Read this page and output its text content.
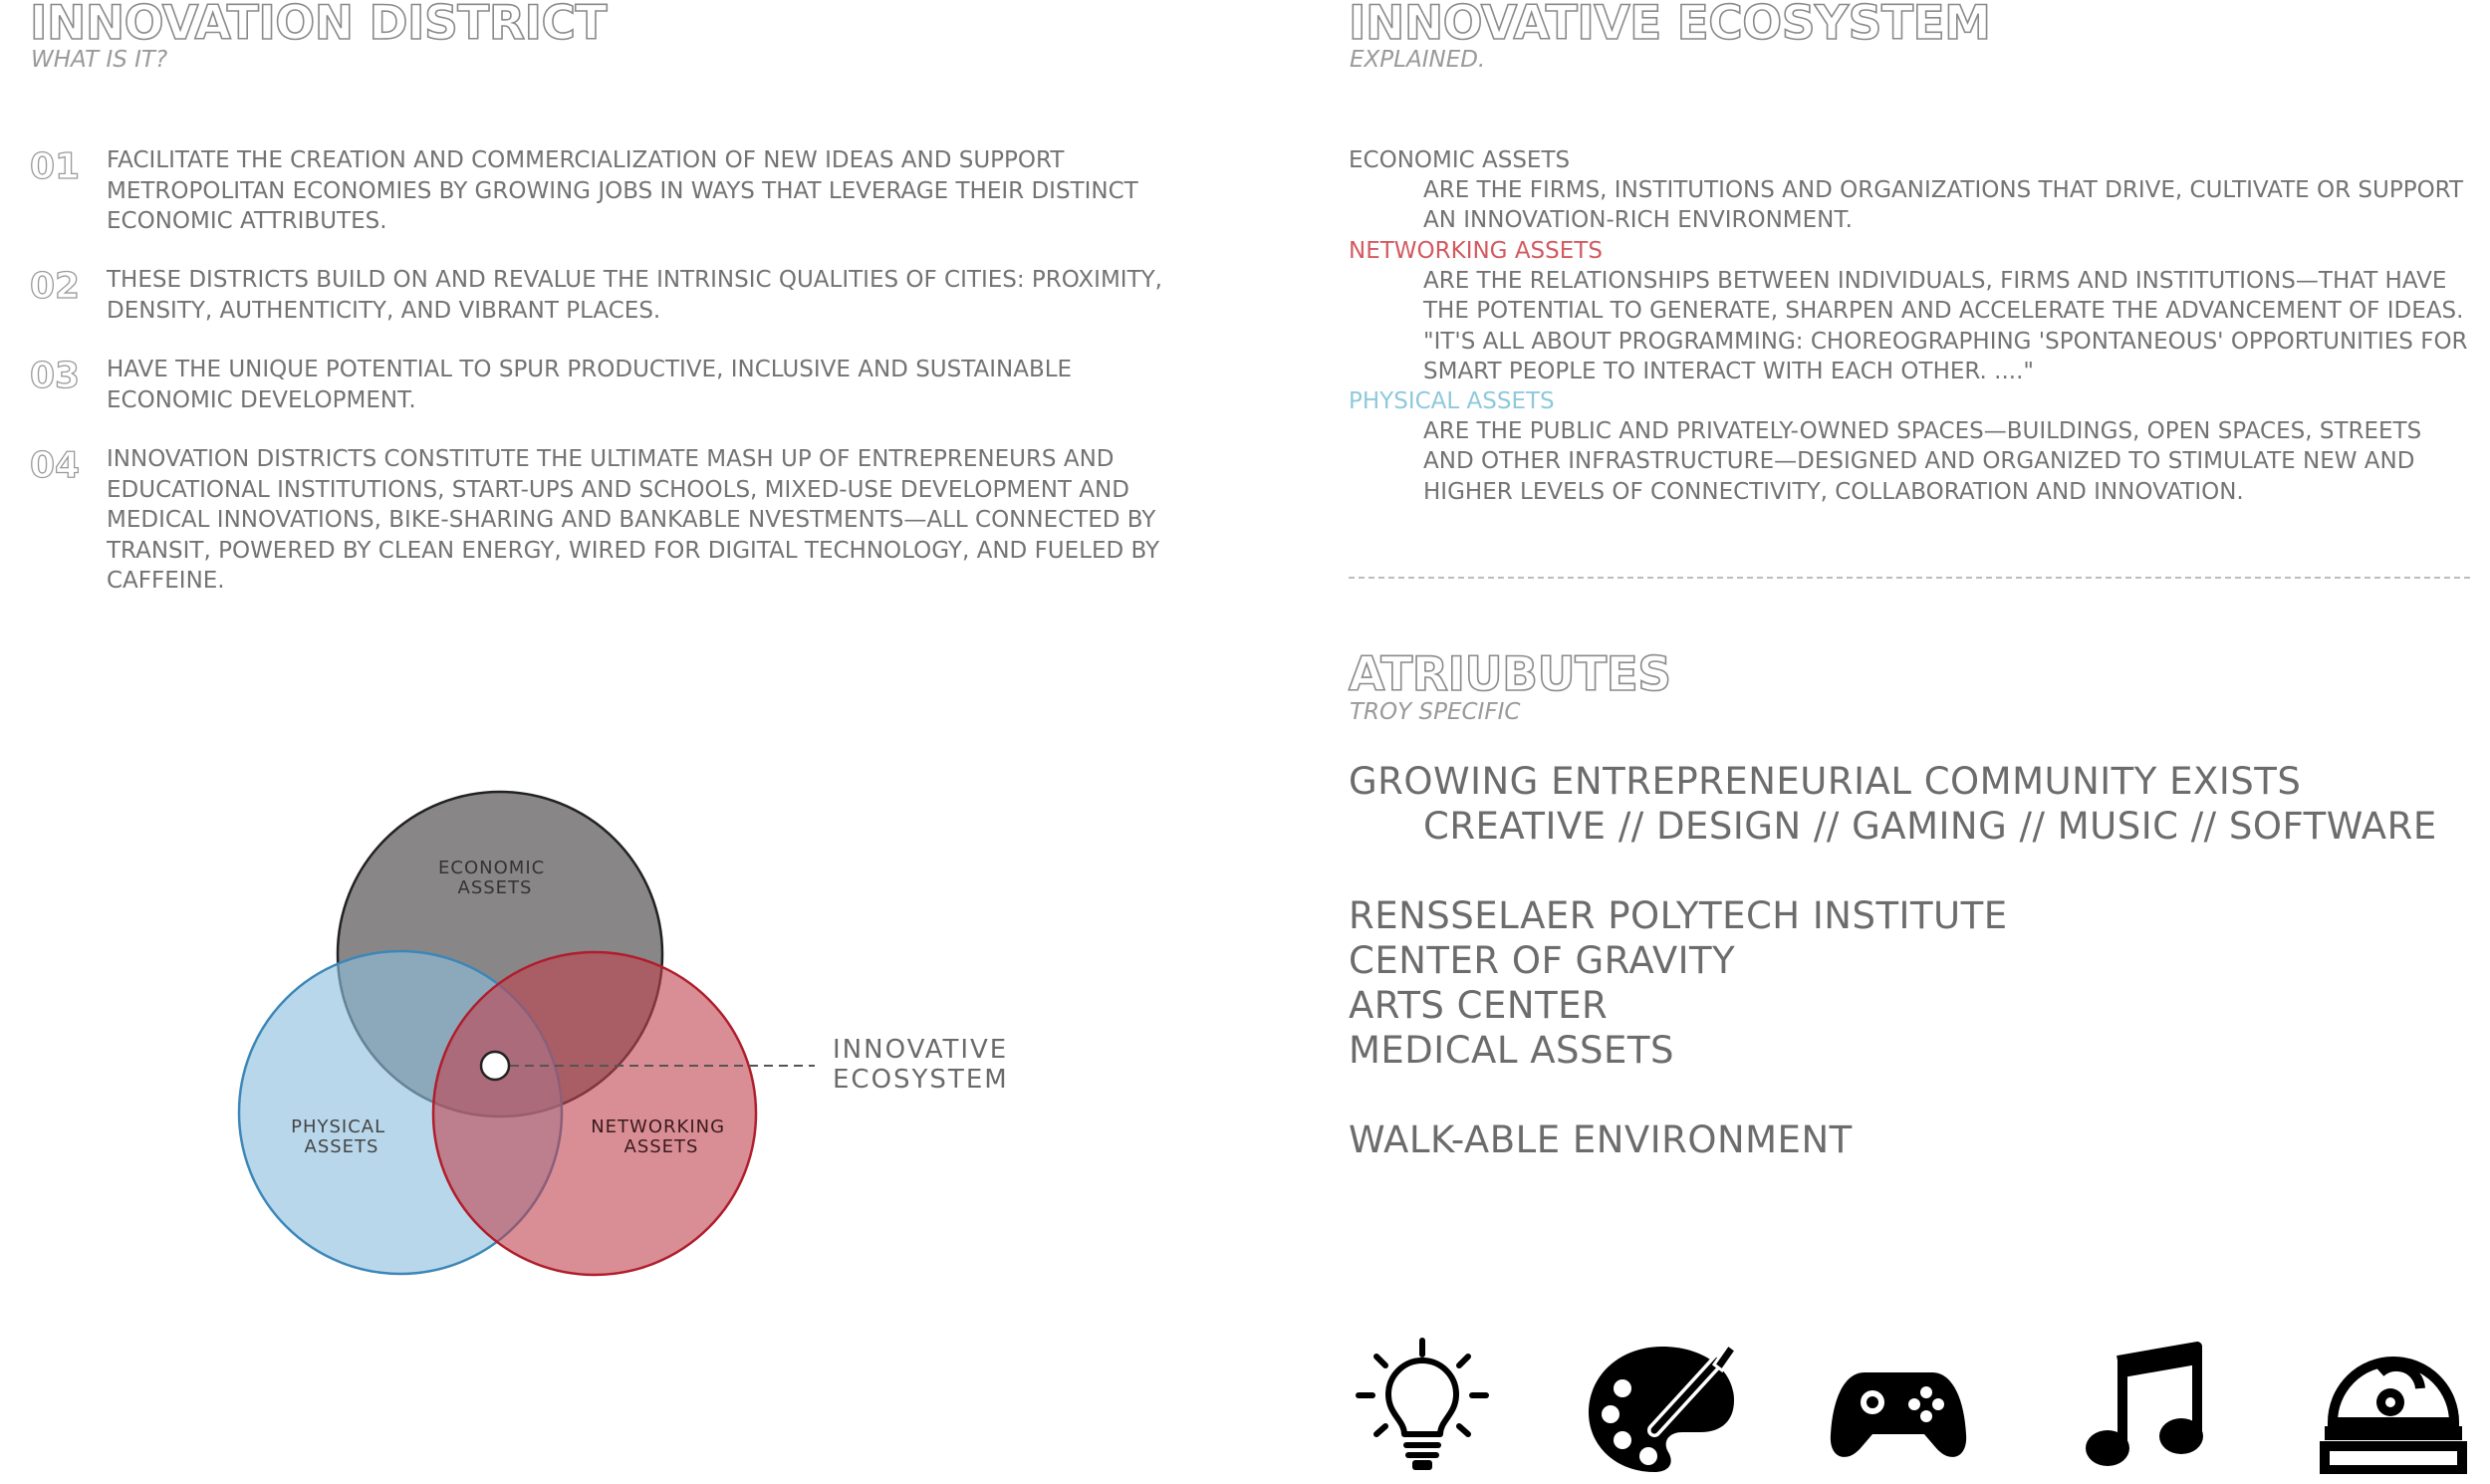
INNOVATION DISTRICT
WHAT IS IT?
01 FACILITATE THE CREATION AND COMMERCIALIZATION OF NEW IDEAS AND SUPPORT METROPOLITAN ECONOMIES BY GROWING JOBS IN WAYS THAT LEVERAGE THEIR DISTINCT ECONOMIC ATTRIBUTES.

02 THESE DISTRICTS BUILD ON AND REVALUE THE INTRINSIC QUALITIES OF CITIES: PROXIMITY, DENSITY, AUTHENTICITY, AND VIBRANT PLACES.

03 HAVE THE UNIQUE POTENTIAL TO SPUR PRODUCTIVE, INCLUSIVE AND SUSTAINABLE ECONOMIC DEVELOPMENT.

04 INNOVATION DISTRICTS CONSTITUTE THE ULTIMATE MASH UP OF ENTREPRENEURS AND EDUCATIONAL INSTITUTIONS, START-UPS AND SCHOOLS, MIXED-USE DEVELOPMENT AND MEDICAL INNOVATIONS, BIKE-SHARING AND BANKABLE NVESTMENTS—ALL CONNECTED BY TRANSIT, POWERED BY CLEAN ENERGY, WIRED FOR DIGITAL TECHNOLOGY, AND FUELED BY CAFFEINE.

ECONOMIC ASSETS
PHYSICAL ASSETS
NETWORKING ASSETS
INNOVATIVE ECOSYSTEM
INNOVATIVE ECOSYSTEM
EXPLAINED.
ECONOMIC ASSETS

ARE THE FIRMS, INSTITUTIONS AND ORGANIZATIONS THAT DRIVE, CULTIVATE OR SUPPORT AN INNOVATION-RICH ENVIRONMENT.

NETWORKING ASSETS

ARE THE RELATIONSHIPS BETWEEN INDIVIDUALS, FIRMS AND INSTITUTIONS—THAT HAVE THE POTENTIAL TO GENERATE, SHARPEN AND ACCELERATE THE ADVANCEMENT OF IDEAS. "IT'S ALL ABOUT PROGRAMMING: CHOREOGRAPHING 'SPONTANEOUS' OPPORTUNITIES FOR SMART PEOPLE TO INTERACT WITH EACH OTHER. ...."

PHYSICAL ASSETS

ARE THE PUBLIC AND PRIVATELY-OWNED SPACES—BUILDINGS, OPEN SPACES, STREETS AND OTHER INFRASTRUCTURE—DESIGNED AND ORGANIZED TO STIMULATE NEW AND HIGHER LEVELS OF CONNECTIVITY, COLLABORATION AND INNOVATION.

ATRIUBUTES
TROY SPECIFIC
GROWING ENTREPRENEURIAL COMMUNITY EXISTS
CREATIVE // DESIGN // GAMING // MUSIC // SOFTWARE
RENSSELAER POLYTECH INSTITUTE
CENTER OF GRAVITY
ARTS CENTER
MEDICAL ASSETS
WALK-ABLE ENVIRONMENT
